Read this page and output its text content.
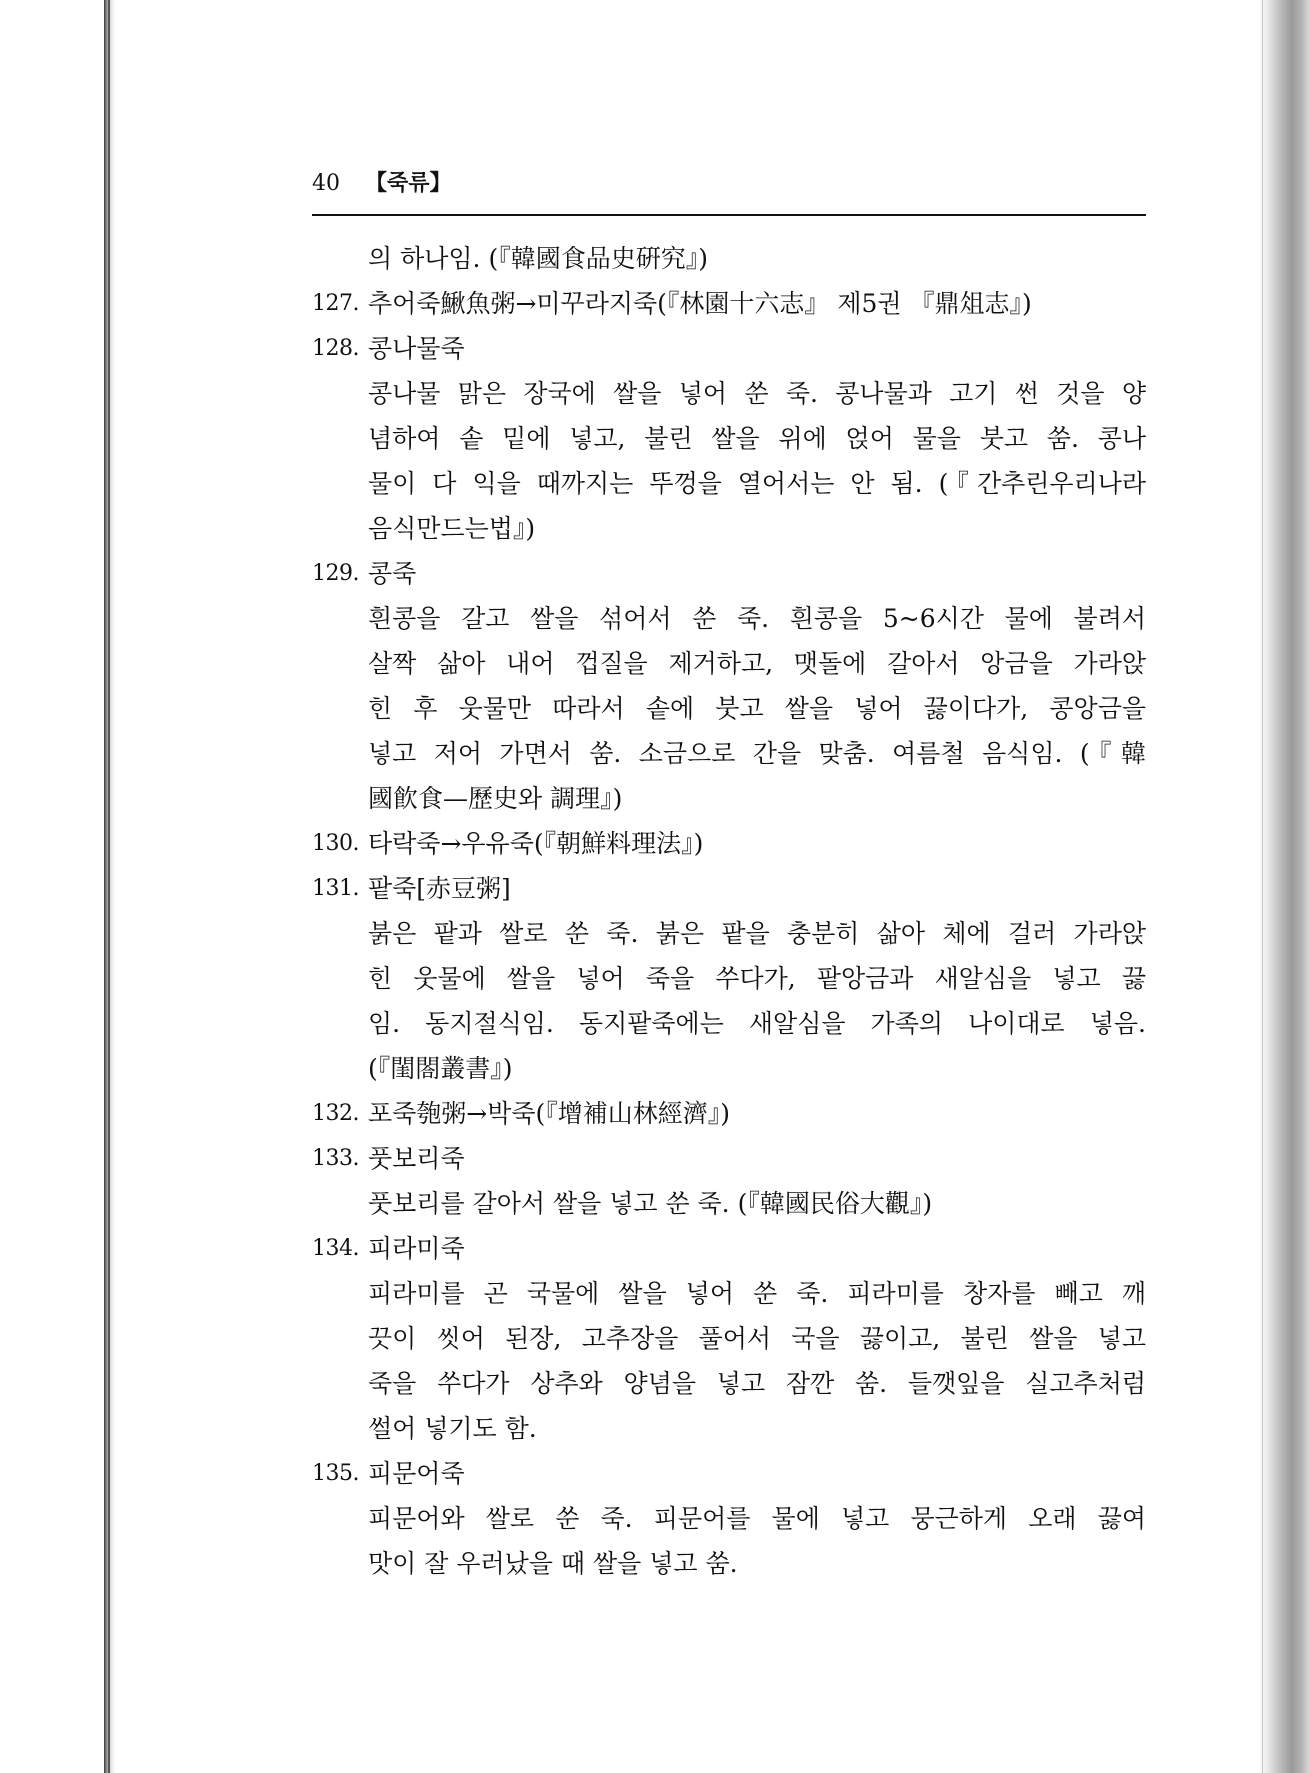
40 【죽류】
의 하나임. (『韓國食品史硏究』)
127. 추어죽鰍魚粥→미꾸라지죽(『林園十六志』 제5권 『鼎俎志』)
128. 콩나물죽
콩나물 맑은 장국에 쌀을 넣어 쑨 죽. 콩나물과 고기 썬 것을 양
념하여 솥 밑에 넣고, 불린 쌀을 위에 얹어 물을 붓고 쑴. 콩나
물이 다 익을 때까지는 뚜껑을 열어서는 안 됨. (『간추린우리나라
음식만드는법』)
129. 콩죽
흰콩을 갈고 쌀을 섞어서 쑨 죽. 흰콩을 5~6시간 물에 불려서
살짝 삶아 내어 껍질을 제거하고, 맷돌에 갈아서 앙금을 가라앉
힌 후 웃물만 따라서 솥에 붓고 쌀을 넣어 끓이다가, 콩앙금을
넣고 저어 가면서 쑴. 소금으로 간을 맞춤. 여름철 음식임. (『韓
國飮食—歷史와 調理』)
130. 타락죽→우유죽(『朝鮮料理法』)
131. 팥죽[赤豆粥]
붉은 팥과 쌀로 쑨 죽. 붉은 팥을 충분히 삶아 체에 걸러 가라앉
힌 웃물에 쌀을 넣어 죽을 쑤다가, 팥앙금과 새알심을 넣고 끓
임. 동지절식임. 동지팥죽에는 새알심을 가족의 나이대로 넣음.
(『閨閤叢書』)
132. 포죽匏粥→박죽(『增補山林經濟』)
133. 풋보리죽
풋보리를 갈아서 쌀을 넣고 쑨 죽. (『韓國民俗大觀』)
134. 피라미죽
피라미를 곤 국물에 쌀을 넣어 쑨 죽. 피라미를 창자를 빼고 깨
끗이 씻어 된장, 고추장을 풀어서 국을 끓이고, 불린 쌀을 넣고
죽을 쑤다가 상추와 양념을 넣고 잠깐 쑴. 들깻잎을 실고추처럼
썰어 넣기도 함.
135. 피문어죽
피문어와 쌀로 쑨 죽. 피문어를 물에 넣고 뭉근하게 오래 끓여
맛이 잘 우러났을 때 쌀을 넣고 쑴.
